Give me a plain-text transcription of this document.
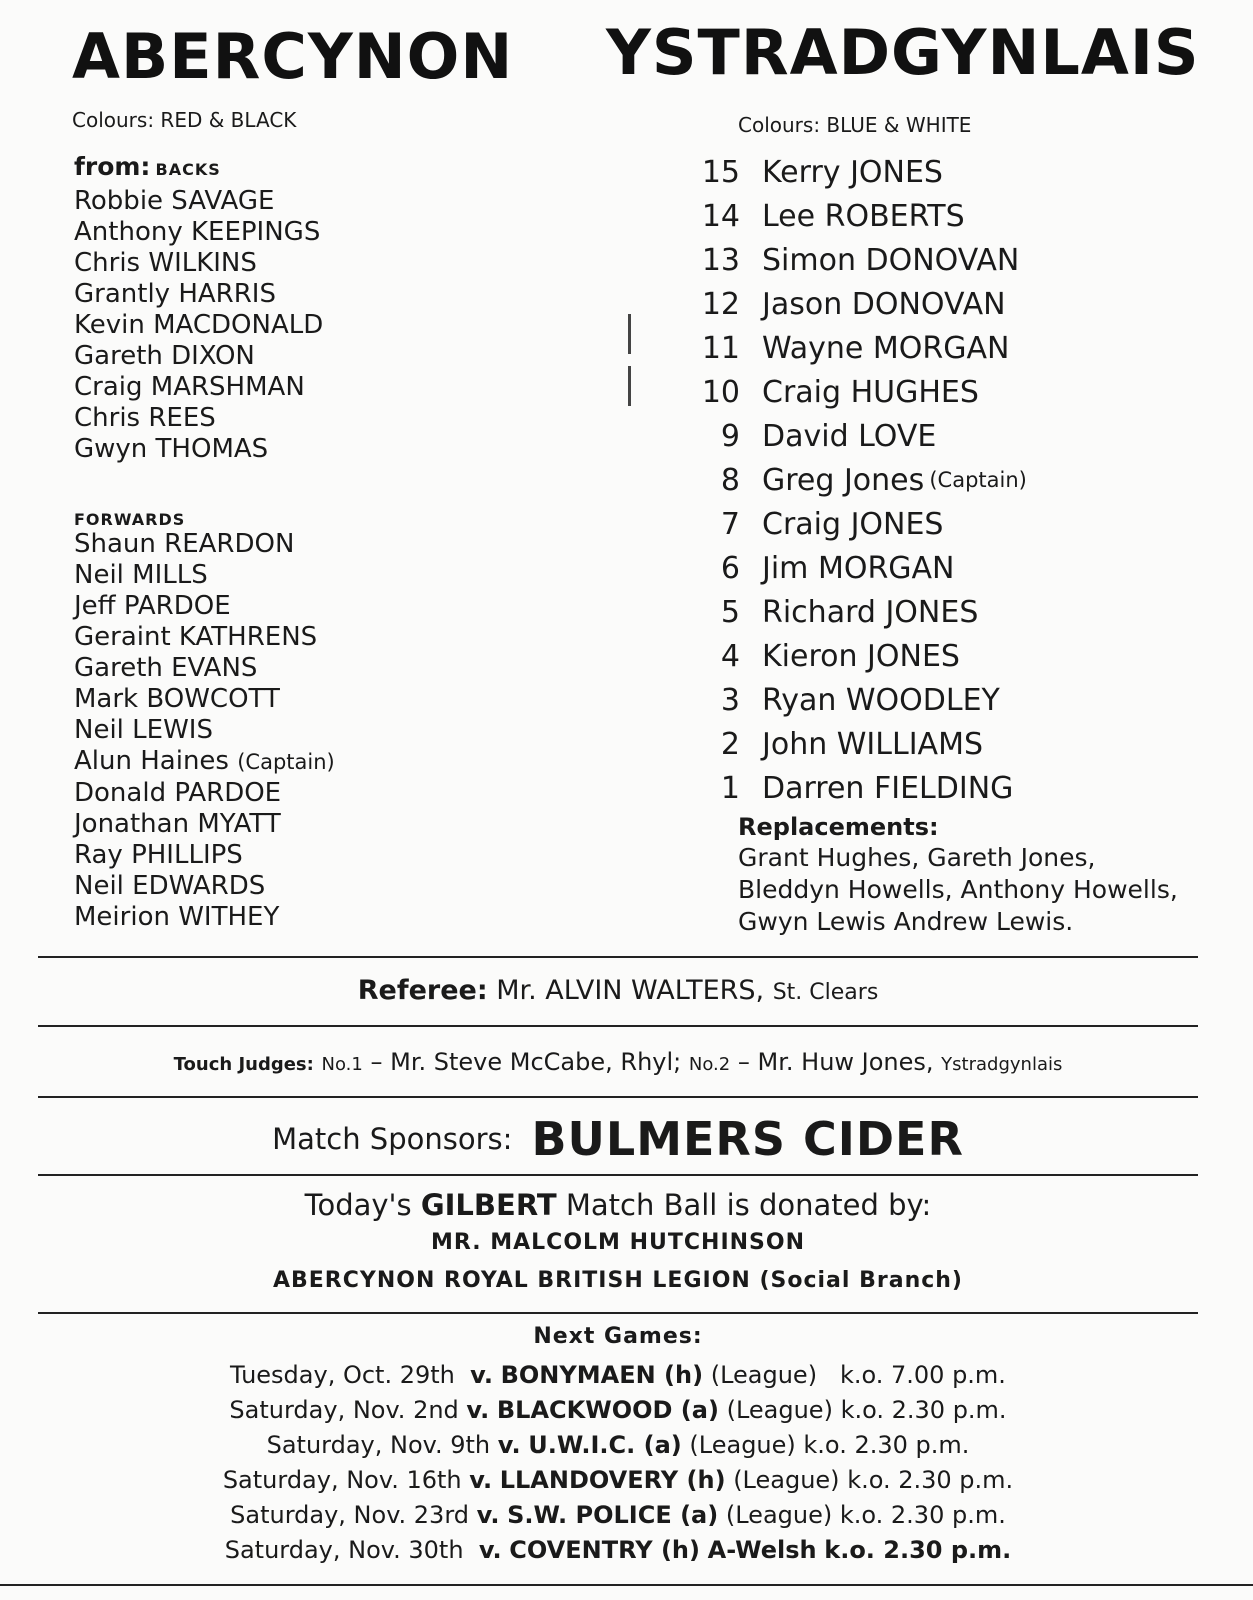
ABERCYNON YSTRADGYNLAIS
Colours: RED & BLACK	Colours: BLUE & WHITE
from: BACKS
Robbie SAVAGE
Anthony KEEPINGS
Chris WILKINS
Grantly HARRIS
Kevin MACDONALD
Gareth DIXON
Craig MARSHMAN
Chris REES
Gwyn THOMAS
FORWARDS
Shaun REARDON
Neil MILLS
Jeff PARDOE
Geraint KATHRENS
Gareth EVANS
Mark BOWCOTT
Neil LEWIS
Alun Haines (Captain)
Donald PARDOE
Jonathan MYATT
Ray PHILLIPS
Neil EDWARDS
Meirion WITHEY
15 Kerry JONES
14 Lee ROBERTS
13 Simon DONOVAN
12 Jason DONOVAN
11 Wayne MORGAN
10 Craig HUGHES
9 David LOVE
8 Greg Jones
(Captain)
7 Craig JONES
6 Jim MORGAN
5 Richard JONES
4 Kieron JONES
3 Ryan WOODLEY
2 John WILLIAMS
1 Darren FIELDING
Replacements:
Grant Hughes, Gareth Jones,
Bleddyn Howells, Anthony Howells,
Gwyn Lewis Andrew Lewis.
Referee: Mr. ALVIN WALTERS, St. Clears
Touch Judges: No.1 – Mr. Steve McCabe, Rhyl; No.2 – Mr. Huw Jones, Ystradgynlais
Match Sponsors: BULMERS CIDER
Today's GILBERT Match Ball is donated by:
MR. MALCOLM HUTCHINSON
ABERCYNON ROYAL BRITISH LEGION (Social Branch)
Next Games:
Tuesday, Oct. 29th v. BONYMAEN (h) (League) k.o. 7.00 p.m.
Saturday, Nov. 2nd v. BLACKWOOD (a) (League) k.o. 2.30 p.m.
Saturday, Nov. 9th v. U.W.I.C. (a) (League) k.o. 2.30 p.m.
Saturday, Nov. 16th v. LLANDOVERY (h) (League) k.o. 2.30 p.m.
Saturday, Nov. 23rd v. S.W. POLICE (a) (League) k.o. 2.30 p.m.
Saturday, Nov. 30th v. COVENTRY (h) A-Welsh k.o. 2.30 p.m.
